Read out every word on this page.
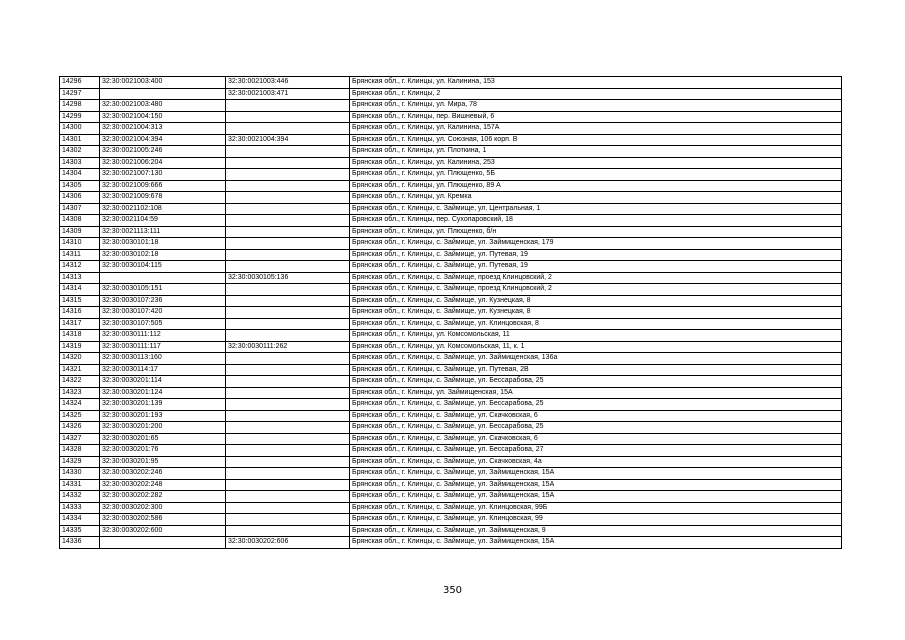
14296	32:30:0021003:400	32:30:0021003:446	Брянская обл., г. Клинцы, ул. Калинина, 153
14297		32:30:0021003:471	Брянская обл., г. Клинцы, 2
14298	32:30:0021003:480		Брянская обл., г. Клинцы, ул. Мира, 78
14299	32:30:0021004:150		Брянская обл., г. Клинцы, пер. Вишневый, 6
14300	32:30:0021004:313		Брянская обл., г. Клинцы, ул. Калинина, 157А
14301	32:30:0021004:394	32:30:0021004:394	Брянская обл., г. Клинцы, ул. Союзная, 106 корп. В
14302	32:30:0021005:246		Брянская обл., г. Клинцы, ул. Плоткина, 1
14303	32:30:0021006:204		Брянская обл., г. Клинцы, ул. Калинина, 253
14304	32:30:0021007:130		Брянская обл., г. Клинцы, ул. Плющенко, 5Б
14305	32:30:0021009:666		Брянская обл., г. Клинцы, ул. Плющенко, 89 А
14306	32:30:0021009:678		Брянская обл., г. Клинцы, ул. Кремка
14307	32:30:0021102:108		Брянская обл., г. Клинцы, с. Займище, ул. Центральная, 1
14308	32:30:0021104:59		Брянская обл., г. Клинцы, пер. Сухопаровский, 18
14309	32:30:0021113:111		Брянская обл., г. Клинцы, ул. Плющенко, б/н
14310	32:30:0030101:18		Брянская обл., г. Клинцы, с. Займище, ул. Займищенская, 179
14311	32:30:0030102:18		Брянская обл., г. Клинцы, с. Займище, ул. Путевая, 19
14312	32:30:0030104:115		Брянская обл., г. Клинцы, с. Займище, ул. Путевая, 19
14313		32:30:0030105:136	Брянская обл., г. Клинцы, с. Займище, проезд Клинцовский, 2
14314	32:30:0030105:151		Брянская обл., г. Клинцы, с. Займище, проезд Клинцовский, 2
14315	32:30:0030107:236		Брянская обл., г. Клинцы, с. Займище, ул. Кузнецкая, 8
14316	32:30:0030107:420		Брянская обл., г. Клинцы, с. Займище, ул. Кузнецкая, 8
14317	32:30:0030107:505		Брянская обл., г. Клинцы, с. Займище, ул. Клинцовская, 8
14318	32:30:0030111:112		Брянская обл., г. Клинцы, ул. Комсомольская, 11
14319	32:30:0030111:117	32:30:0030111:262	Брянская обл., г. Клинцы, ул. Комсомольская, 11, к. 1
14320	32:30:0030113:160		Брянская обл., г. Клинцы, с. Займище, ул. Займищенская, 136а
14321	32:30:0030114:17		Брянская обл., г. Клинцы, с. Займище, ул. Путевая, 2В
14322	32:30:0030201:114		Брянская обл., г. Клинцы, с. Займище, ул. Бессарабова, 25
14323	32:30:0030201:124		Брянская обл., г. Клинцы, ул. Займищенская, 15А
14324	32:30:0030201:139		Брянская обл., г. Клинцы, с. Займище, ул. Бессарабова, 25
14325	32:30:0030201:193		Брянская обл., г. Клинцы, с. Займище, ул. Скачковская, 6
14326	32:30:0030201:200		Брянская обл., г. Клинцы, с. Займище, ул. Бессарабова, 25
14327	32:30:0030201:65		Брянская обл., г. Клинцы, с. Займище, ул. Скачковская, 6
14328	32:30:0030201:76		Брянская обл., г. Клинцы, с. Займище, ул. Бессарабова, 27
14329	32:30:0030201:95		Брянская обл., г. Клинцы, с. Займище, ул. Скачковская, 4а
14330	32:30:0030202:246		Брянская обл., г. Клинцы, с. Займище, ул. Займищенская, 15А
14331	32:30:0030202:248		Брянская обл., г. Клинцы, с. Займище, ул. Займищенская, 15А
14332	32:30:0030202:282		Брянская обл., г. Клинцы, с. Займище, ул. Займищенская, 15А
14333	32:30:0030202:300		Брянская обл., г. Клинцы, с. Займище, ул. Клинцовская, 99Б
14334	32:30:0030202:586		Брянская обл., г. Клинцы, с. Займище, ул. Клинцовская, 99
14335	32:30:0030202:600		Брянская обл., г. Клинцы, с. Займище, ул. Займищенская, 9
14336		32:30:0030202:606	Брянская обл., г. Клинцы, с. Займище, ул. Займищенская, 15А
350
